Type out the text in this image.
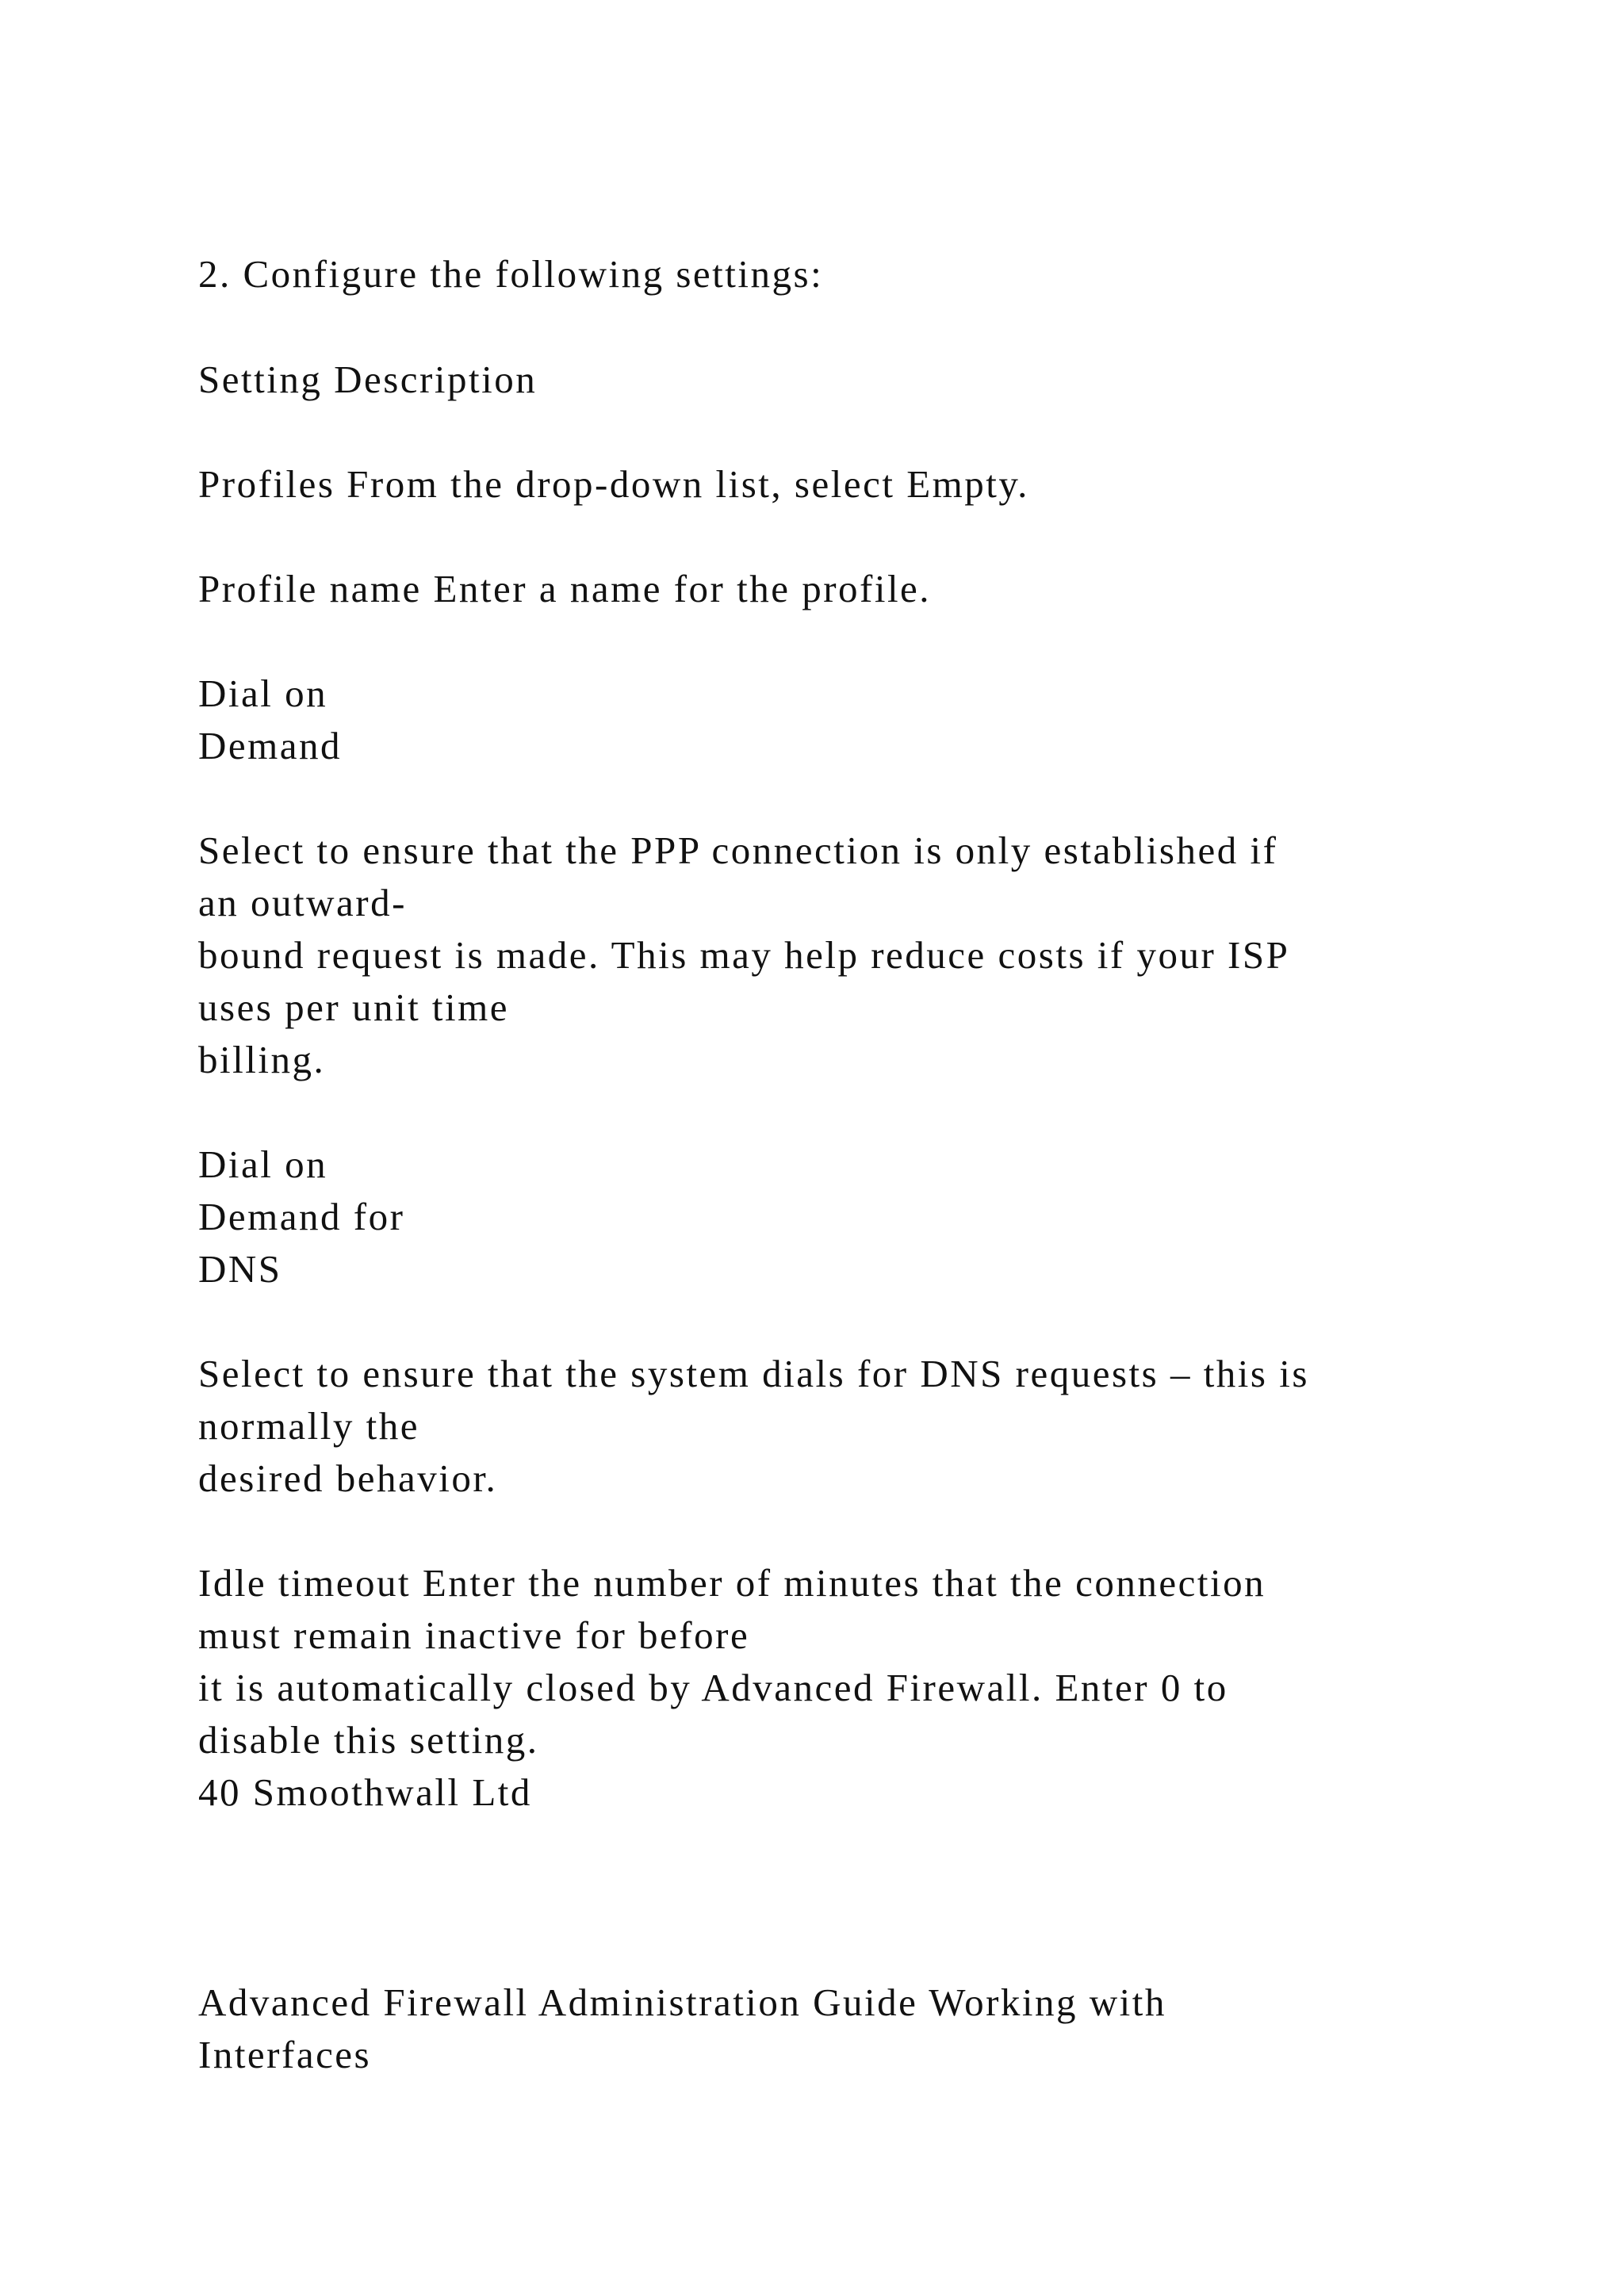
2. Configure the following settings:

Setting Description

Profiles From the drop-down list, select Empty.

Profile name Enter a name for the profile.

Dial on

Demand

Select to ensure that the PPP connection is only established if

an outward-

bound request is made. This may help reduce costs if your ISP

uses per unit time

billing.

Dial on

Demand for

DNS

Select to ensure that the system dials for DNS requests – this is

normally the

desired behavior.

Idle timeout Enter the number of minutes that the connection

must remain inactive for before

it is automatically closed by Advanced Firewall. Enter 0 to

disable this setting.

40 Smoothwall Ltd

Advanced Firewall Administration Guide Working with

Interfaces
